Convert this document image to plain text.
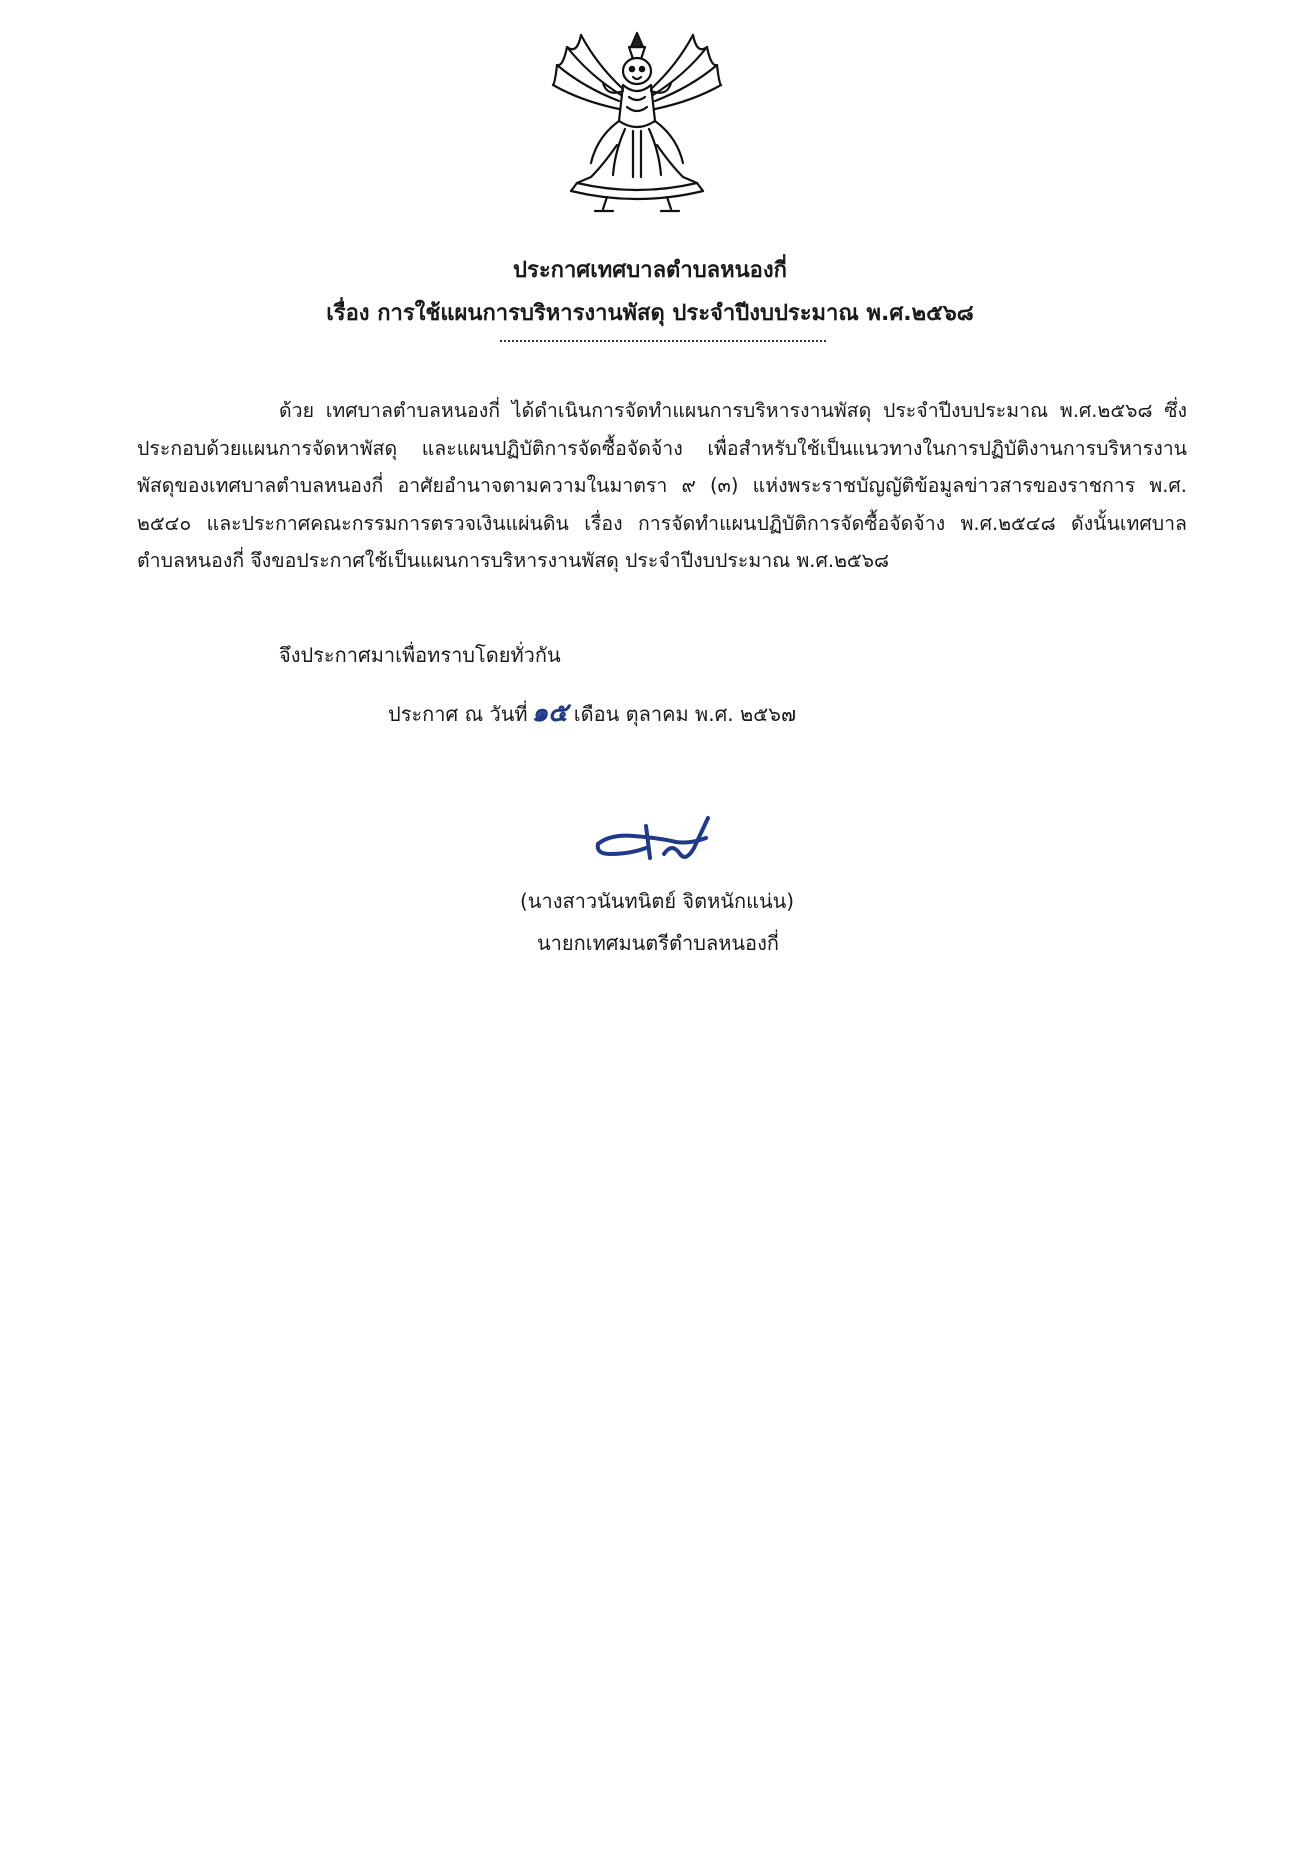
ประกาศเทศบาลตำบลหนองกี่
เรื่อง การใช้แผนการบริหารงานพัสดุ ประจำปีงบประมาณ พ.ศ.๒๕๖๘
ด้วย เทศบาลตำบลหนองกี่ ได้ดำเนินการจัดทำแผนการบริหารงานพัสดุ ประจำปีงบประมาณ พ.ศ.๒๕๖๘ ซึ่งประกอบด้วยแผนการจัดหาพัสดุ และแผนปฏิบัติการจัดซื้อจัดจ้าง เพื่อสำหรับใช้เป็นแนวทางในการปฏิบัติงานการบริหารงานพัสดุของเทศบาลตำบลหนองกี่ อาศัยอำนาจตามความในมาตรา ๙ (๓) แห่งพระราชบัญญัติข้อมูลข่าวสารของราชการ พ.ศ. ๒๕๔๐ และประกาศคณะกรรมการตรวจเงินแผ่นดิน เรื่อง การจัดทำแผนปฏิบัติการจัดซื้อจัดจ้าง พ.ศ.๒๕๔๘ ดังนั้นเทศบาลตำบลหนองกี่ จึงขอประกาศใช้เป็นแผนการบริหารงานพัสดุ ประจำปีงบประมาณ พ.ศ.๒๕๖๘
จึงประกาศมาเพื่อทราบโดยทั่วกัน
ประกาศ ณ วันที่ ๑๕ เดือน ตุลาคม พ.ศ. ๒๕๖๗
(นางสาวนันทนิตย์ จิตหนักแน่น)
นายกเทศมนตรีตำบลหนองกี่
